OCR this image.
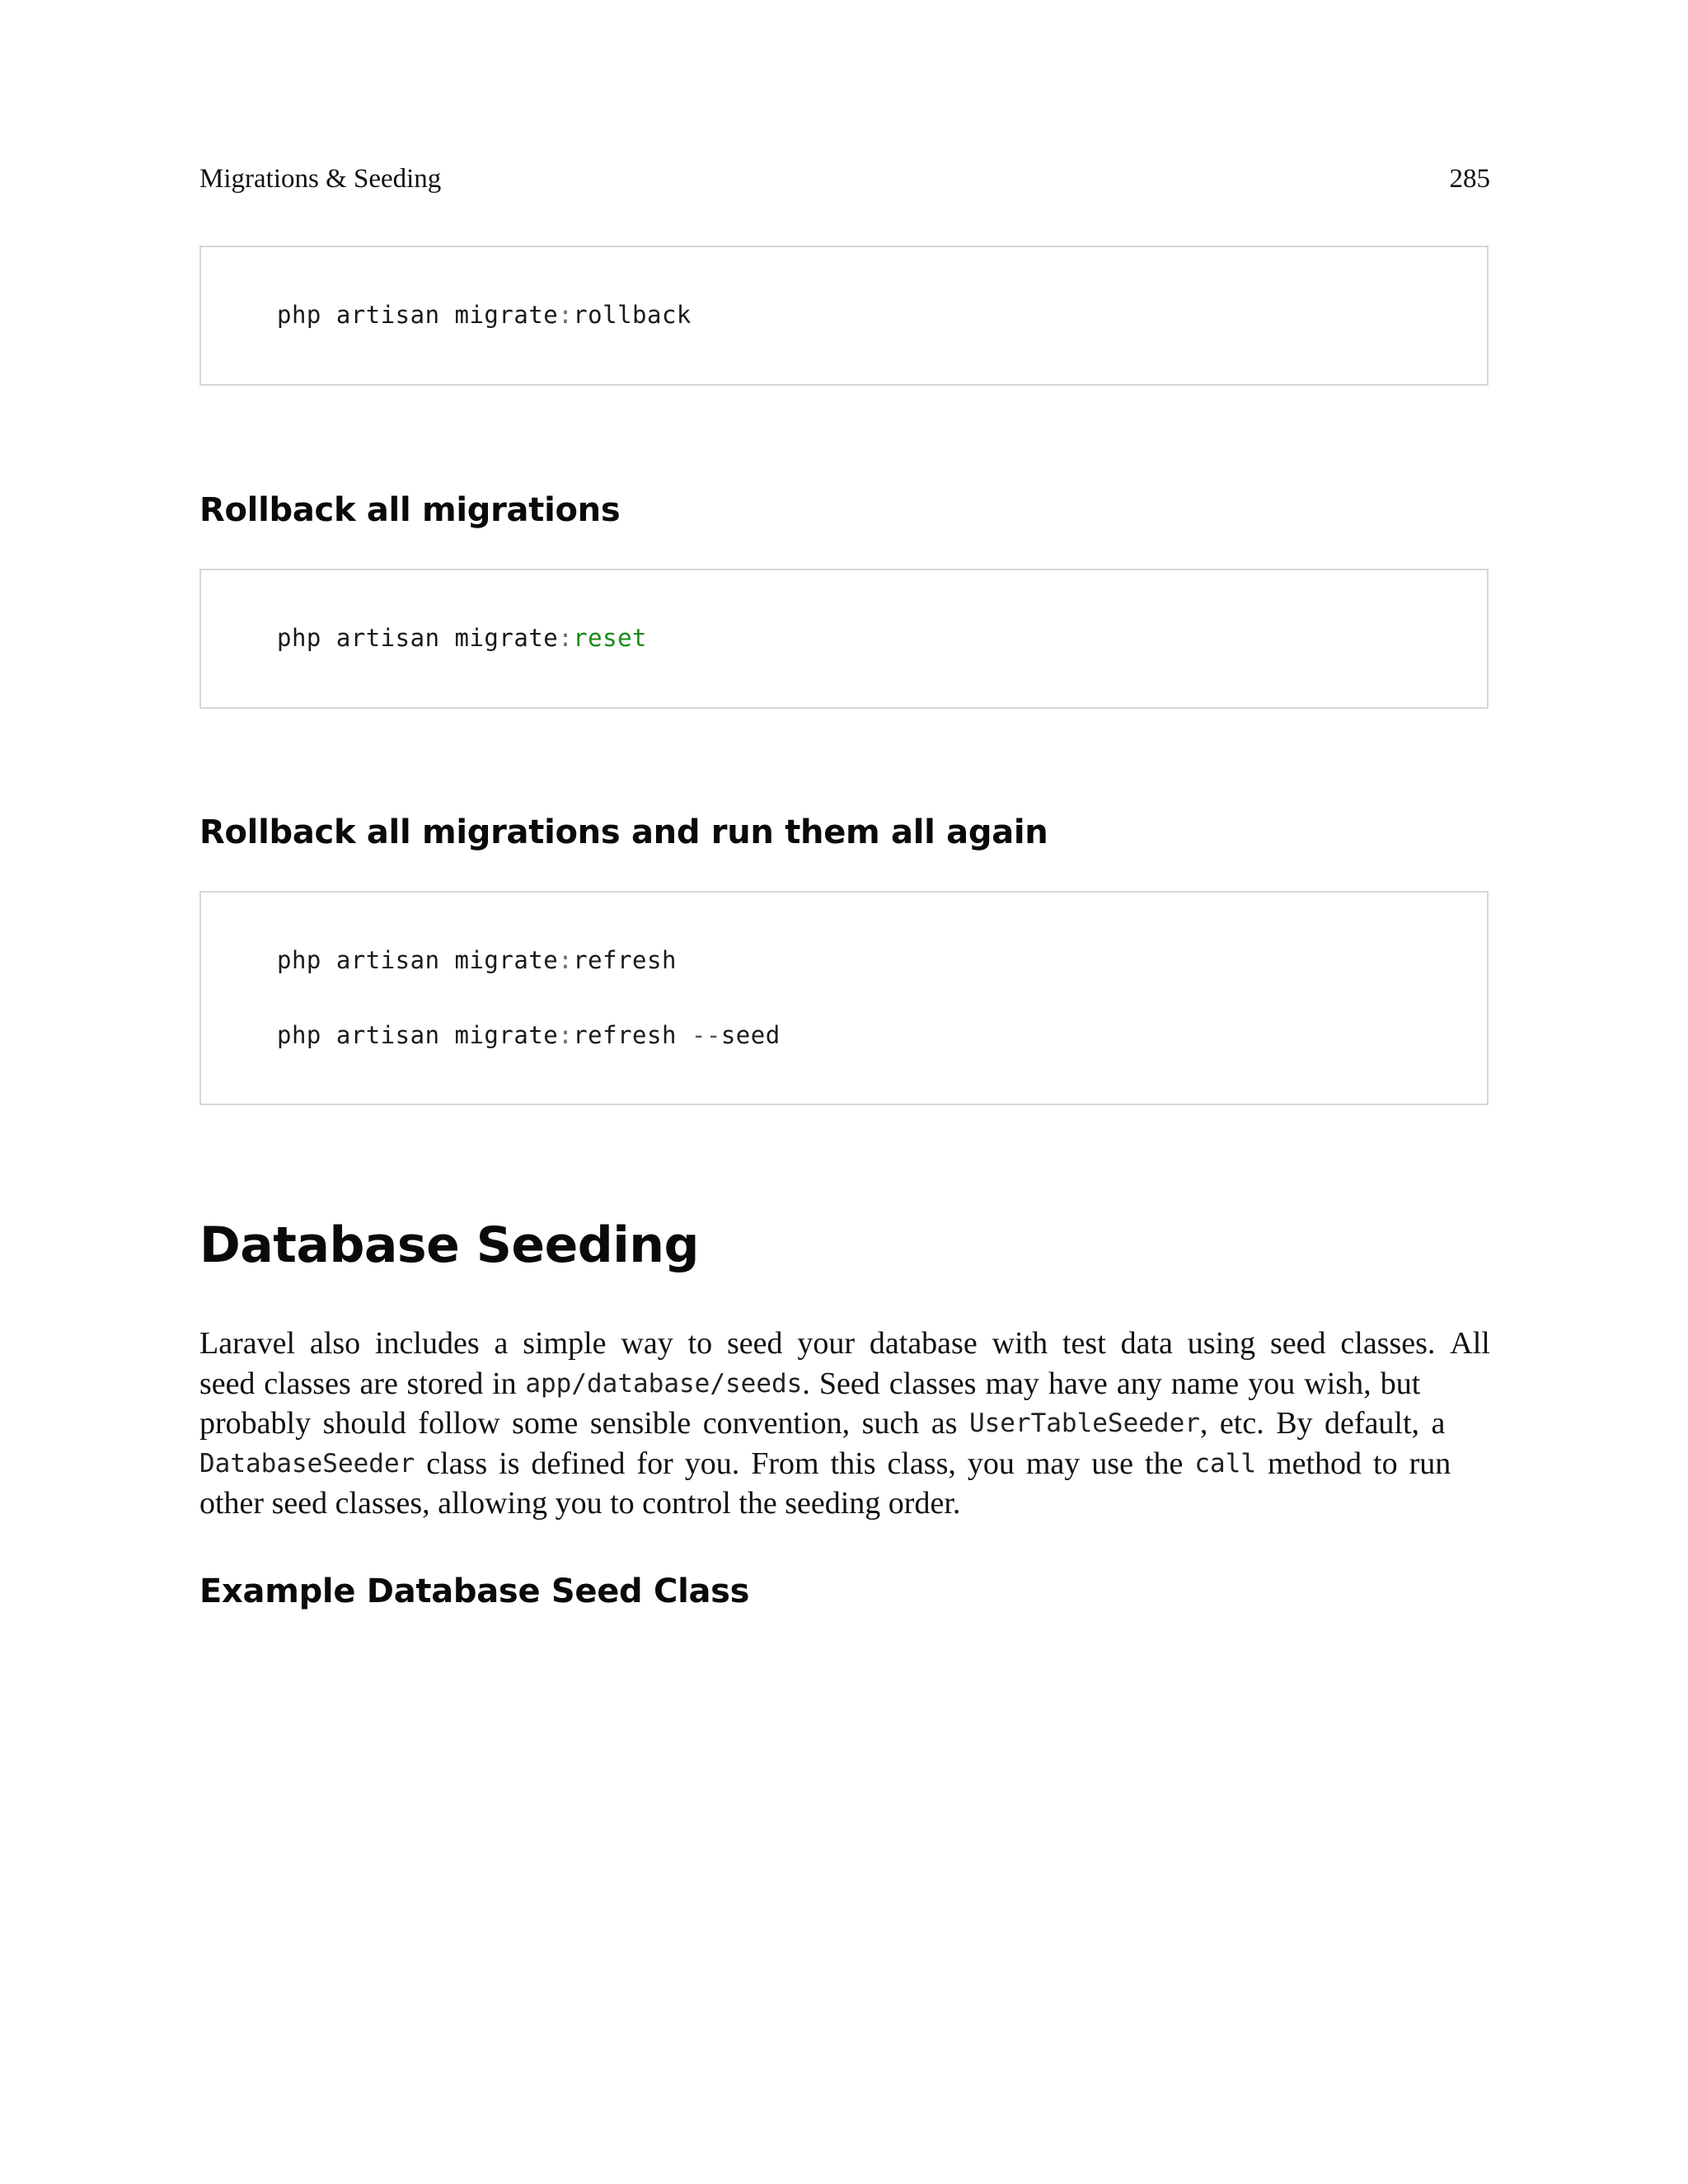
Migrations & Seeding	285
php artisan migrate:rollback
Rollback all migrations
php artisan migrate:reset
Rollback all migrations and run them all again
php artisan migrate:refresh
php artisan migrate:refresh --seed
Database Seeding
Laravel also includes a simple way to seed your database with test data using seed classes. All
seed classes are stored in app/database/seeds . Seed classes may have any name you wish, but
probably should follow some sensible convention, such as UserTableSeeder , etc. By default, a
DatabaseSeeder class is defined for you. From this class, you may use the call method to run
other seed classes, allowing you to control the seeding order.
Example Database Seed Class
